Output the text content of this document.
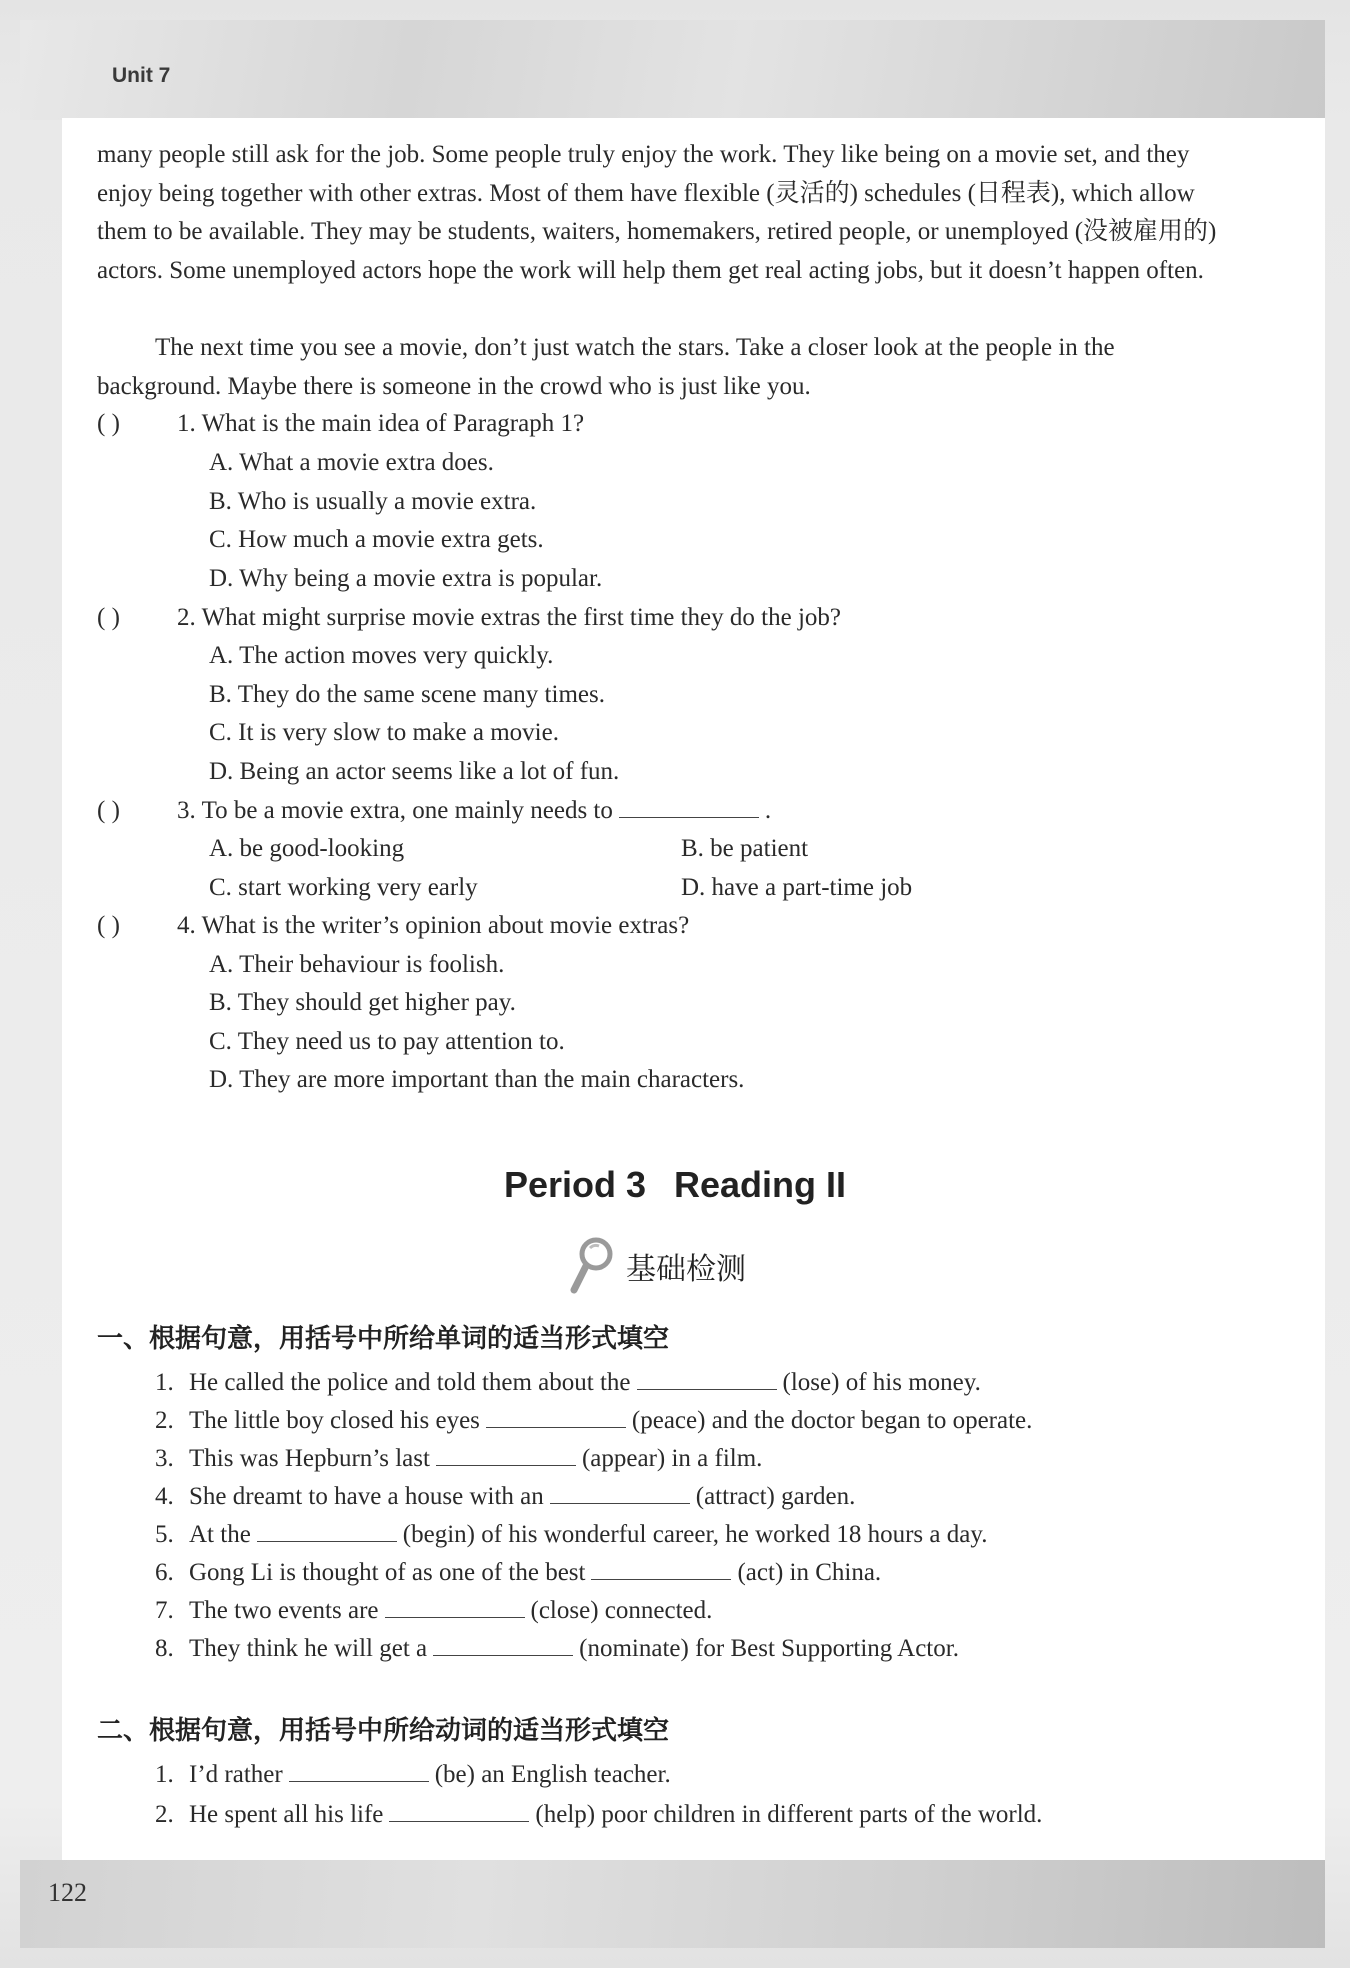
Unit 7
122

many people still ask for the job. Some people truly enjoy the work. They like being on a movie set, and they enjoy being together with other extras. Most of them have flexible (灵活的) schedules (日程表), which allow them to be available. They may be students, waiters, homemakers, retired people, or unemployed (没被雇用的) actors. Some unemployed actors hope the work will help them get real acting jobs, but it doesn’t happen often.

The next time you see a movie, don’t just watch the stars. Take a closer look at the people in the background. Maybe there is someone in the crowd who is just like you.

( ) 1. What is the main idea of Paragraph 1?
A. What a movie extra does.
B. Who is usually a movie extra.
C. How much a movie extra gets.
D. Why being a movie extra is popular.
( ) 2. What might surprise movie extras the first time they do the job?
A. The action moves very quickly.
B. They do the same scene many times.
C. It is very slow to make a movie.
D. Being an actor seems like a lot of fun.
( ) 3. To be a movie extra, one mainly needs to	.
A. be good-looking	B. be patient
C. start working very early	D. have a part-time job
( ) 4. What is the writer’s opinion about movie extras?
A. Their behaviour is foolish.
B. They should get higher pay.
C. They need us to pay attention to.
D. They are more important than the main characters.
Period 3 Reading II
基础检测
一、根据句意，用括号中所给单词的适当形式填空
1. He called the police and told them about the	(lose) of his money.
2. The little boy closed his eyes	(peace) and the doctor began to operate.
3. This was Hepburn’s last	(appear) in a film.
4. She dreamt to have a house with an	(attract) garden.
5. At the	(begin) of his wonderful career, he worked 18 hours a day.
6. Gong Li is thought of as one of the best	(act) in China.
7. The two events are	(close) connected.
8. They think he will get a	(nominate) for Best Supporting Actor.
二、根据句意，用括号中所给动词的适当形式填空
1. I’d rather	(be) an English teacher.
2. He spent all his life	(help) poor children in different parts of the world.
